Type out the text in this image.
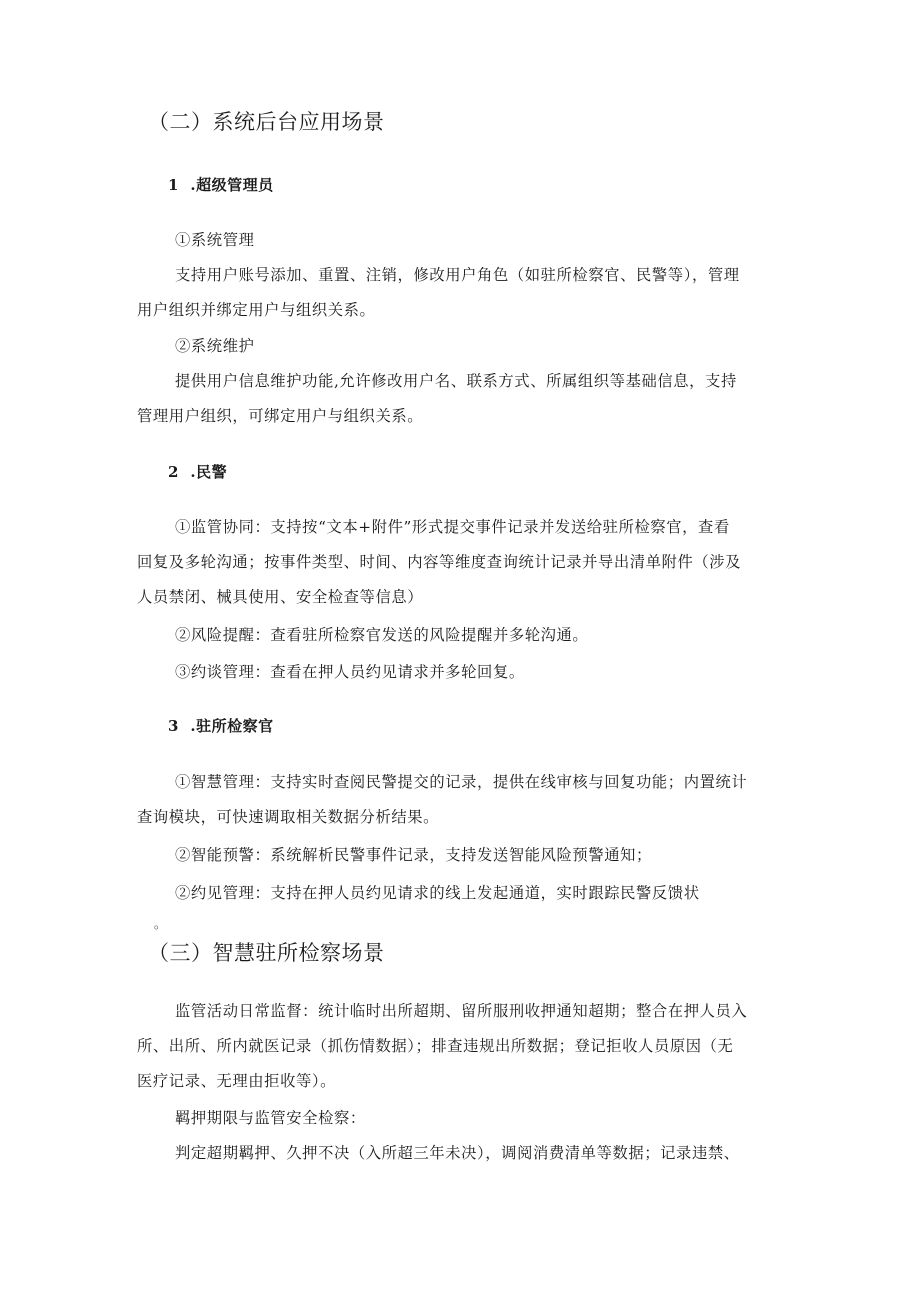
（二）系统后台应用场景
1  .超级管理员
①系统管理
支持用户账号添加、重置、注销，修改用户角色（如驻所检察官、民警等），管理
用户组织并绑定用户与组织关系。
②系统维护
提供用户信息维护功能,允许修改用户名、联系方式、所属组织等基础信息，支持
管理用户组织，可绑定用户与组织关系。
2  .民警
①监管协同：支持按“文本+附件”形式提交事件记录并发送给驻所检察官，查看
回复及多轮沟通；按事件类型、时间、内容等维度查询统计记录并导出清单附件（涉及
人员禁闭、械具使用、安全检查等信息）
②风险提醒：查看驻所检察官发送的风险提醒并多轮沟通。
③约谈管理：查看在押人员约见请求并多轮回复。
3  .驻所检察官
①智慧管理：支持实时查阅民警提交的记录，提供在线审核与回复功能；内置统计
查询模块，可快速调取相关数据分析结果。
②智能预警：系统解析民警事件记录，支持发送智能风险预警通知；
②约见管理：支持在押人员约见请求的线上发起通道，实时跟踪民警反馈状
。
（三）智慧驻所检察场景
监管活动日常监督：统计临时出所超期、留所服刑收押通知超期；整合在押人员入
所、出所、所内就医记录（抓伤情数据）；排查违规出所数据；登记拒收人员原因（无
医疗记录、无理由拒收等）。
羁押期限与监管安全检察：
判定超期羁押、久押不决（入所超三年未决），调阅消费清单等数据；记录违禁、
